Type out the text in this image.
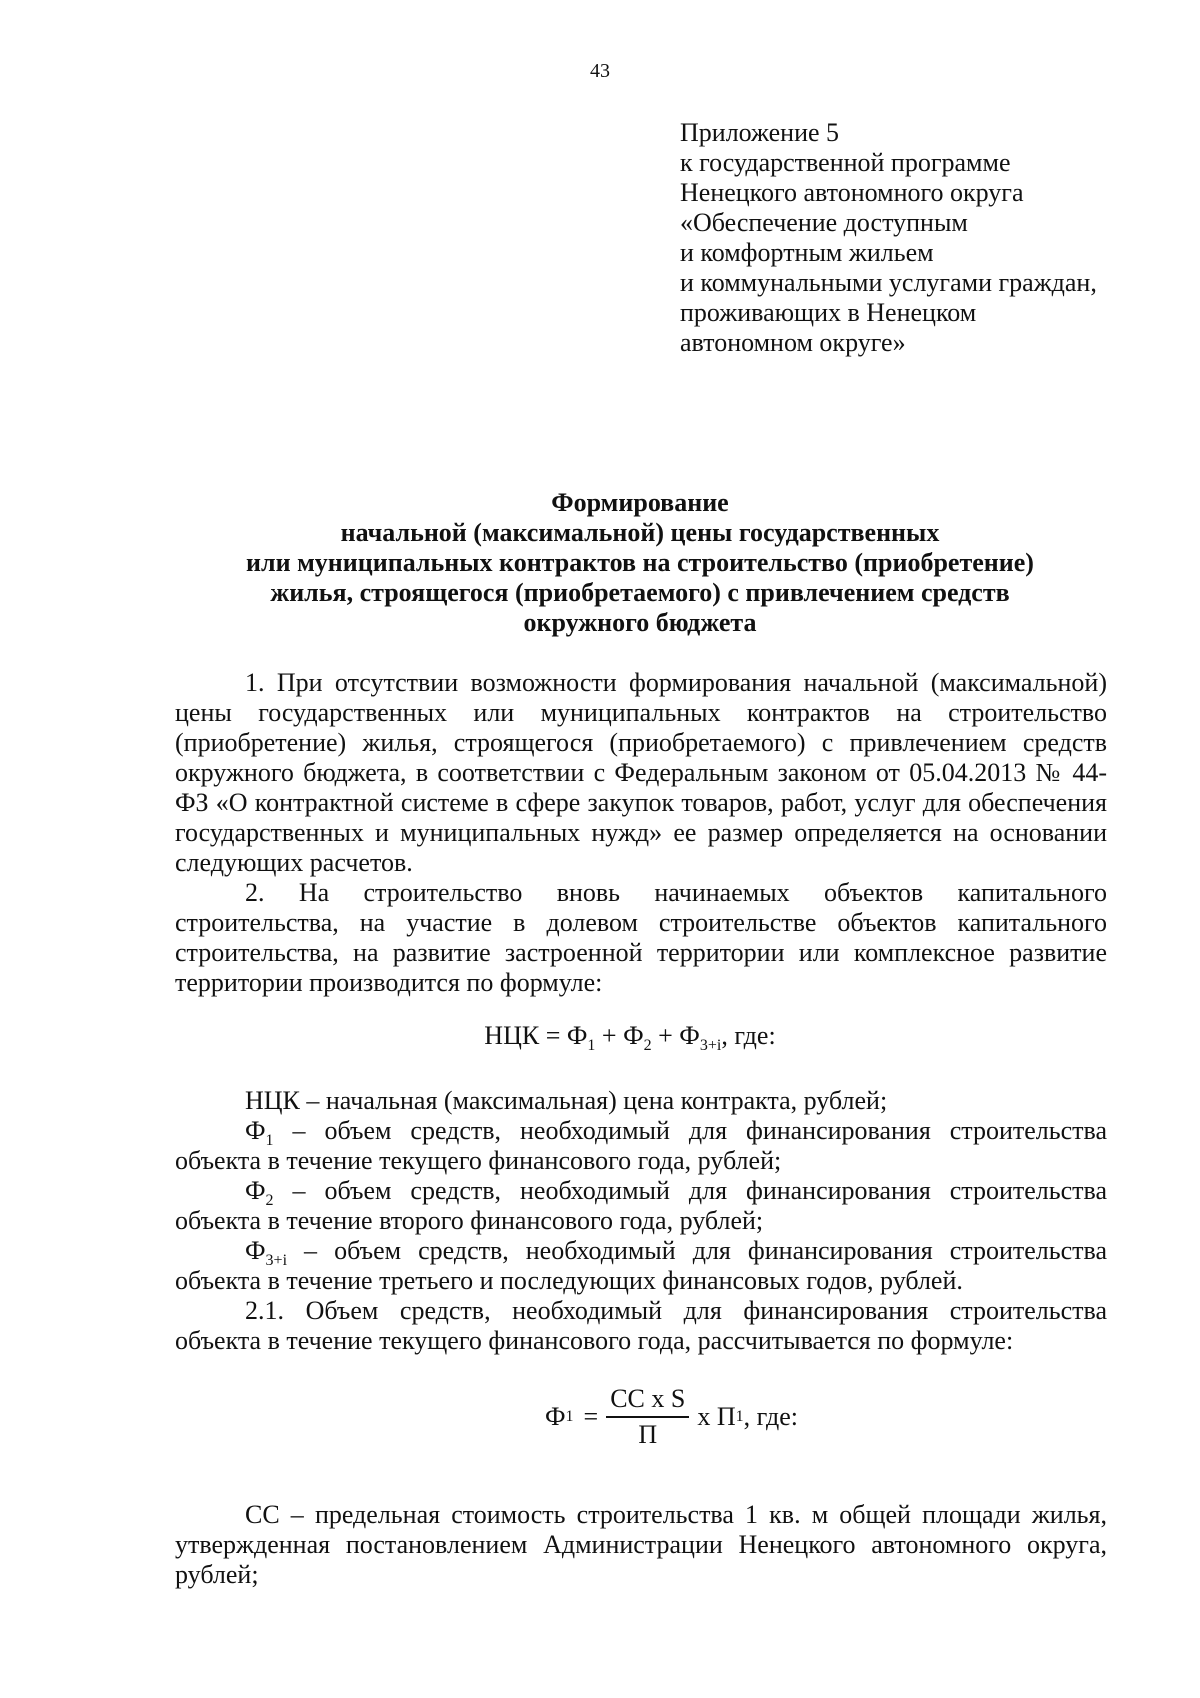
43
Приложение 5
к государственной программе
Ненецкого автономного округа
«Обеспечение доступным
и комфортным жильем
и коммунальными услугами граждан,
проживающих в Ненецком
автономном округе»
Формирование
начальной (максимальной) цены государственных
или муниципальных контрактов на строительство (приобретение)
жилья, строящегося (приобретаемого) с привлечением средств
окружного бюджета

1. При отсутствии возможности формирования начальной (максимальной) цены государственных или муниципальных контрактов на строительство (приобретение) жилья, строящегося (приобретаемого) с привлечением средств окружного бюджета, в соответствии с Федеральным законом от 05.04.2013 № 44-ФЗ «О контрактной системе в сфере закупок товаров, работ, услуг для обеспечения государственных и муниципальных нужд» ее размер определяется на основании следующих расчетов.

2. На строительство вновь начинаемых объектов капитального строительства, на участие в долевом строительстве объектов капитального строительства, на развитие застроенной территории или комплексное развитие территории производится по формуле:

НЦК = $Ф_1 + Ф_2 + Ф_{3+i}$, где:

НЦК – начальная (максимальная) цена контракта, рублей;

$Ф_1$ – объем средств, необходимый для финансирования строительства объекта в течение текущего финансового года, рублей;

$Ф_2$ – объем средств, необходимый для финансирования строительства объекта в течение второго финансового года, рублей;

$Ф_{3+i}$ – объем средств, необходимый для финансирования строительства объекта в течение третьего и последующих финансовых годов, рублей.

2.1. Объем средств, необходимый для финансирования строительства объекта в течение текущего финансового года, рассчитывается по формуле:

Ф $1 = \frac{\text{СС x S}}{П}$ x П 1 , где:

СС – предельная стоимость строительства 1 кв. м общей площади жилья, утвержденная постановлением Администрации Ненецкого автономного округа, рублей;
